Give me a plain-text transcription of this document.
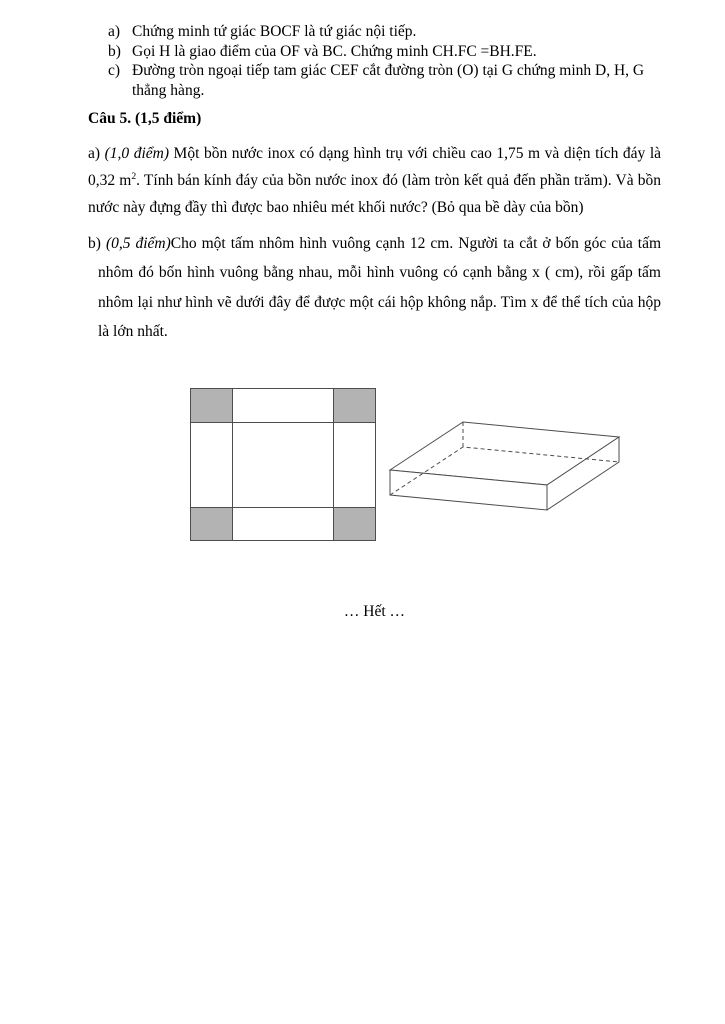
a) Chứng minh tứ giác BOCF là tứ giác nội tiếp.
b) Gọi H là giao điểm của OF và BC. Chứng minh CH.FC =BH.FE.
c) Đường tròn ngoại tiếp tam giác CEF cắt đường tròn (O) tại G chứng minh D, H, G thẳng hàng.
Câu 5. (1,5 điểm)

a) (1,0 điểm) Một bồn nước inox có dạng hình trụ với chiều cao 1,75 m và diện tích đáy là 0,32 $m^2$. Tính bán kính đáy của bồn nước inox đó (làm tròn kết quả đến phần trăm). Và bồn nước này đựng đầy thì được bao nhiêu mét khối nước? (Bỏ qua bề dày của bồn)

b) (0,5 điểm)Cho một tấm nhôm hình vuông cạnh 12 cm. Người ta cắt ở bốn góc của tấm nhôm đó bốn hình vuông bằng nhau, mỗi hình vuông có cạnh bằng x ( cm), rồi gấp tấm nhôm lại như hình vẽ dưới đây để được một cái hộp không nắp. Tìm x để thể tích của hộp là lớn nhất.

… Hết …
